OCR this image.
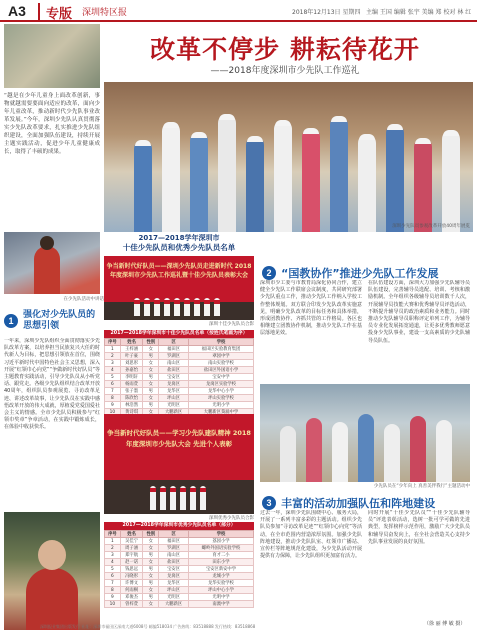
A3	专版 深圳特区报	2018年12月13日 星期四 主编 王国 编辑 张宇 美编 郑 校对 林 红
改革不停步 耕耘待花开
——2018年度深圳市少先队工作巡礼
“越是在少年儿童身上面改革创新，事物就越需要要面向适应的改革，面向少年儿童改革，推动新时代少先队事业改革发展。”今年，深圳少先队认真贯彻落实少先队改革要求，扎实推进少先队组织建设，全面加强队伍建设，持续开展主题实践活动，促进少年儿童健康成长，取得了丰硕的成果。
深圳少先队员参观改革开放40周年展览
在少先队活动中讲话
1 强化对少先队员的思想引领
一年来，深圳少先队组织全面贯彻落实少先队改革方案，以培养担当民族复兴大任的时代新人为目标，把思想引领放在首位，围绕习近平新时代中国特色社会主义思想，深入开展“红领巾心向党”“争做新时代好队员”等主题教育实践活动，引导少先队员从小听党话、跟党走。各级少先队组织结合改革开放40周年，组织队员参观展览、寻访改革足迹、讲述改革故事，让少先队员在实践中感悟改革开放的伟大成就，厚植爱党爱国爱社会主义的情感。全市少先队员积极参与“红领巾奖章”争章活动，在实践中锻炼成长，在体验中收获快乐。
2017—2018学年深圳市
十佳少先队员和优秀少先队员名单
争当新时代好队员——深圳少先队员走进新时代 2018年度深圳市少先队工作巡礼暨十佳少先队员表彰大会
深圳十佳少先队员合影
2017—2018学年深圳市十佳少先队员名单（按姓氏笔画为序）
序号	姓名	性别	区	学校
1	王梓涵	女	福田区	福田区实验教育集团
2	叶子豪	男	罗湖区	翠园中学
3	刘思彤	女	南山区	南山实验学校
4	孙嘉怡	女	盐田区	盐田区外国语小学
5	李明轩	男	宝安区	宝安中学
6	杨雨萱	女	龙岗区	龙岗区实验学校
7	张子墨	男	龙华区	龙华中心小学
8	陈欣怡	女	坪山区	坪山实验学校
9	林浩然	男	光明区	光明小学
10	黄诗琪	女	大鹏新区	大鹏新区葵涌中学
争当新时代好队员——学习少先队建队精神 2018年度深圳市少先队大会 先进个人表彰
深圳优秀少先队员合影
2017—2018学年深圳市优秀少先队员名单（部分）
序号	姓名	性别	区	学校
1	吴佳宁	女	福田区	荔园小学
2	周子涵	女	罗湖区	螺岭外国语实验学校
3	郑宇航	男	南山区	育才二小
4	赵一诺	女	盐田区	田东小学
5	钱思远	男	宝安区	宝安区新安中学
6	冯晓彤	女	龙岗区	龙城小学
7	许博文	男	龙华区	龙华实验学校
8	何雨桐	女	坪山区	坪山中心小学
9	邓俊杰	男	光明区	光明中学
10	曾梓萱	女	大鹏新区	南澳中学
2 “国教协作”推进少先队工作发展
深圳市少工委与市教育局深化协同合作，建立健全少先队工作联席会议制度，共同研究部署少先队重点工作，推动少先队工作纳入学校工作整体规划。双方联合印发少先队改革实施意见，明确少先队改革的目标任务和具体举措，形成团教协作、齐抓共管的工作格局。各区也相继建立团教协作机制，推动少先队工作在基层落地见效。
在队伍建设方面，深圳大力加强少先队辅导员队伍建设，完善辅导员选配、培训、考核和激励机制。全年组织各级辅导员培训数千人次，开展辅导员技能大赛和优秀辅导员评选活动，不断提升辅导员的政治素质和业务能力。同时推动少先队辅导员职称评定单列工作，为辅导员专业化发展拓宽通道，让更多优秀教师愿意投身少先队事业，建设一支高素质的少先队辅导员队伍。
少先队员在“少年向上 真善美伴我行”主题活动中
3 丰富的活动加强队伍和阵地建设
过去一年，深圳少先队围绕中心、服务大局，开展了一系列丰富多彩的主题活动。组织少先队员参加“寻访改革足迹”“红领巾心向党”等活动，在全市范围内营造浓厚氛围。加强少先队阵地建设，推动少先队队室、红领巾广播站、宣传栏等阵地规范化建设，为少先队活动开展提供有力保障，让少先队组织更加富有活力。
同时开展“十佳少先队员”“十佳少先队辅导员”评选表彰活动，选树一批可学可做的先进典型，发挥榜样示范作用，激励广大少先队员和辅导员奋发向上，在全社会营造关心支持少先队事业发展的良好氛围。
（徐 丽 傅 敏 摄）
深圳报业集团出版发行 社址：深圳市福田区深南大道6008号 邮编518034 广告热线：83518888 发行热线：83518868
